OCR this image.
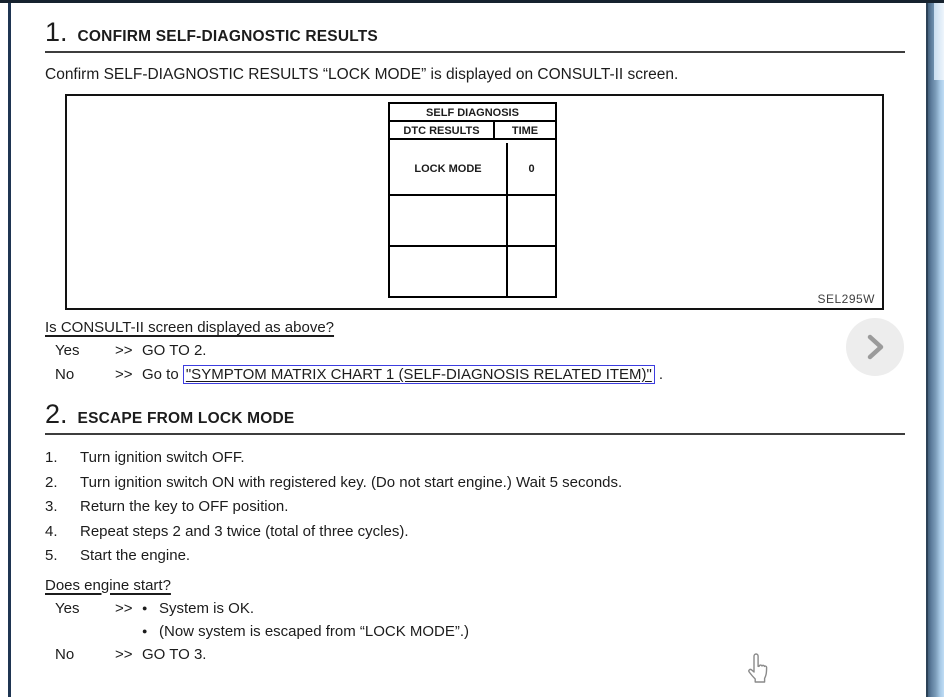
1. CONFIRM SELF-DIAGNOSTIC RESULTS

Confirm SELF-DIAGNOSTIC RESULTS “LOCK MODE” is displayed on CONSULT-II screen.

SELF DIAGNOSIS
DTC RESULTS	TIME
LOCK MODE	0
SEL295W
Is CONSULT-II screen displayed as above?
Yes	>> GO TO 2.
No	>> Go to "SYMPTOM MATRIX CHART 1 (SELF-DIAGNOSIS RELATED ITEM)" .
2. ESCAPE FROM LOCK MODE
1.	Turn ignition switch OFF.
2.	Turn ignition switch ON with registered key. (Do not start engine.) Wait 5 seconds.
3.	Return the key to OFF position.
4.	Repeat steps 2 and 3 twice (total of three cycles).
5.	Start the engine.
Does engine start?
Yes	>>	● System is OK.
● (Now system is escaped from “LOCK MODE”.)
No	>> GO TO 3.
